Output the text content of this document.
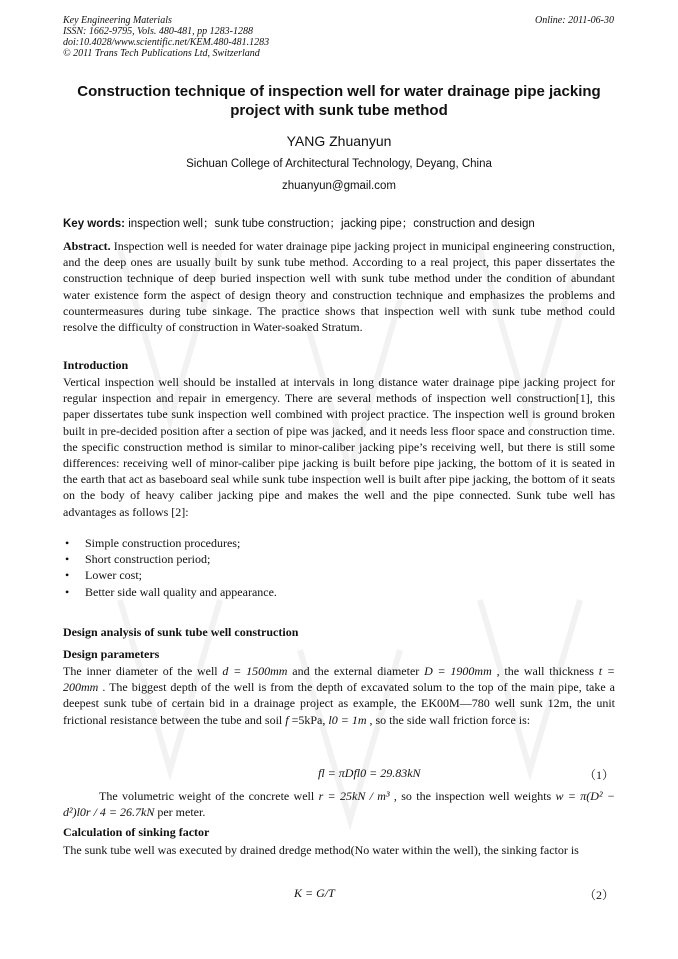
Key Engineering Materials
ISSN: 1662-9795, Vols. 480-481, pp 1283-1288
doi:10.4028/www.scientific.net/KEM.480-481.1283
© 2011 Trans Tech Publications Ltd, Switzerland
Online: 2011-06-30
Construction technique of inspection well for water drainage pipe jacking project with sunk tube method
YANG Zhuanyun
Sichuan College of Architectural Technology, Deyang, China
zhuanyun@gmail.com
Key words: inspection well；sunk tube construction；jacking pipe；construction and design
Abstract. Inspection well is needed for water drainage pipe jacking project in municipal engineering construction, and the deep ones are usually built by sunk tube method. According to a real project, this paper dissertates the construction technique of deep buried inspection well with sunk tube method under the condition of abundant water existence form the aspect of design theory and construction technique and emphasizes the problems and countermeasures during tube sinkage. The practice shows that inspection well with sunk tube method could resolve the difficulty of construction in Water-soaked Stratum.
Introduction
Vertical inspection well should be installed at intervals in long distance water drainage pipe jacking project for regular inspection and repair in emergency. There are several methods of inspection well construction[1], this paper dissertates tube sunk inspection well combined with project practice. The inspection well is ground broken built in pre-decided position after a section of pipe was jacked, and it needs less floor space and construction time. the specific construction method is similar to minor-caliber jacking pipe’s receiving well, but there is still some differences: receiving well of minor-caliber pipe jacking is built before pipe jacking, the bottom of it is seated in the earth that act as baseboard seal while sunk tube inspection well is built after pipe jacking, the bottom of it seats on the body of heavy caliber jacking pipe and makes the well and the pipe connected. Sunk tube well has advantages as follows [2]:
• Simple construction procedures;
• Short construction period;
• Lower cost;
• Better side wall quality and appearance.
Design analysis of sunk tube well construction
Design parameters
The inner diameter of the well d = 1500mm and the external diameter D = 1900mm , the wall thickness t = 200mm . The biggest depth of the well is from the depth of excavated solum to the top of the main pipe, take a deepest sunk tube of certain bid in a drainage project as example, the EK00M—780 well sunk 12m, the unit frictional resistance between the tube and soil f =5kPa, l0 = 1m , so the side wall friction force is:
fl = πDfl0 = 29.83kN	（1）
The volumetric weight of the concrete well r = 25kN / m³ , so the inspection well weights w = π(D² − d²)l0r / 4 = 26.7kN per meter.
Calculation of sinking factor
The sunk tube well was executed by drained dredge method(No water within the well), the sinking factor is
K = G/T	（2）
